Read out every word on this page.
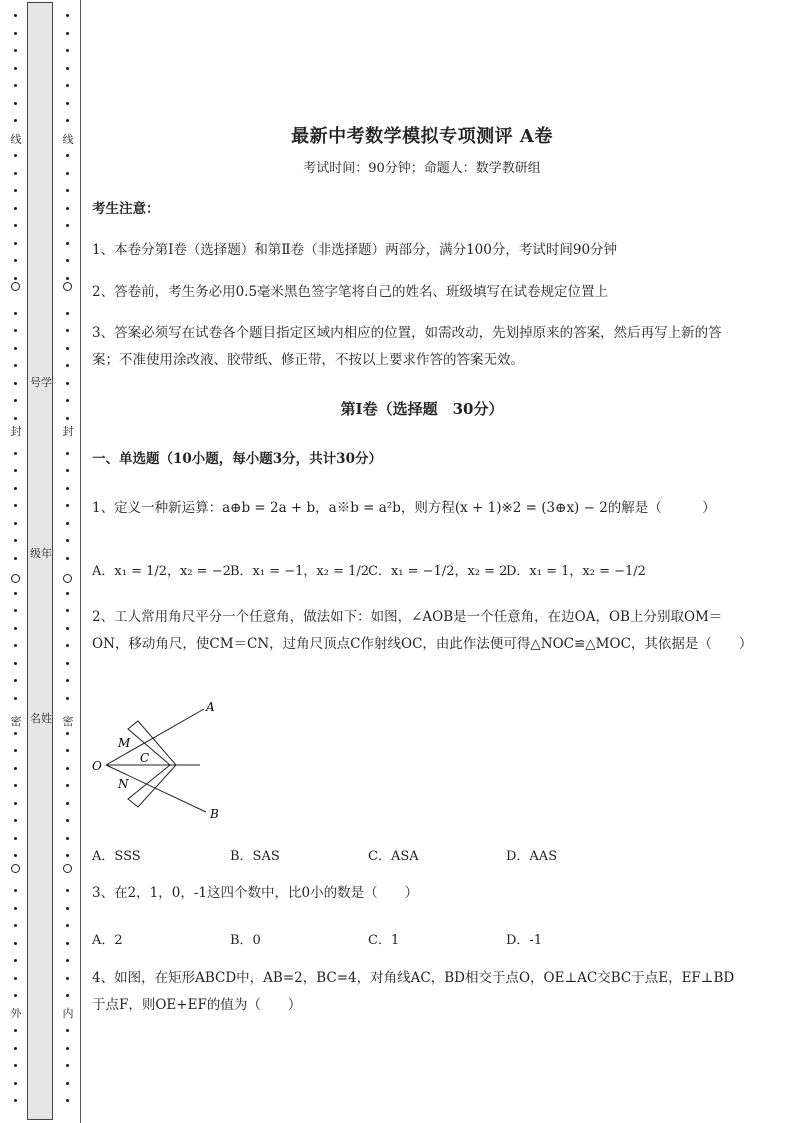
线
封
密
外
号学
级年
名姓
线
封
密
内
最新中考数学模拟专项测评 A卷
考试时间：90分钟；命题人：数学教研组
考生注意：
1、本卷分第I卷（选择题）和第Ⅱ卷（非选择题）两部分，满分100分，考试时间90分钟
2、答卷前，考生务必用0.5毫米黑色签字笔将自己的姓名、班级填写在试卷规定位置上
3、答案必须写在试卷各个题目指定区域内相应的位置，如需改动，先划掉原来的答案，然后再写上新的答案；不准使用涂改液、胶带纸、修正带，不按以上要求作答的答案无效。
第I卷（选择题　30分）
一、单选题（10小题，每小题3分，共计30分）
1、定义一种新运算：a⊕b = 2a + b，a※b = a²b，则方程(x + 1)※2 = (3⊕x) − 2的解是（　　　）
A．x₁ = 1/2，x₂ = −2 B．x₁ = −1，x₂ = 1/2
C．x₁ = −1/2，x₂ = 2
D．x₁ = 1，x₂ = −1/2
2、工人常用角尺平分一个任意角，做法如下：如图，∠AOB是一个任意角，在边OA，OB上分别取OM＝ON，移动角尺，使CM＝CN，过角尺顶点C作射线OC，由此作法便可得△NOC≌△MOC，其依据是（　　）
A
M
C
O
N
B
A．SSS	B．SAS	C．ASA	D．AAS
3、在2，1，0，-1这四个数中，比0小的数是（　　）
A．2	B．0	C．1	D．-1
4、如图，在矩形ABCD中，AB=2，BC=4，对角线AC，BD相交于点O，OE⊥AC交BC于点E，EF⊥BD于点F，则OE+EF的值为（　　）
